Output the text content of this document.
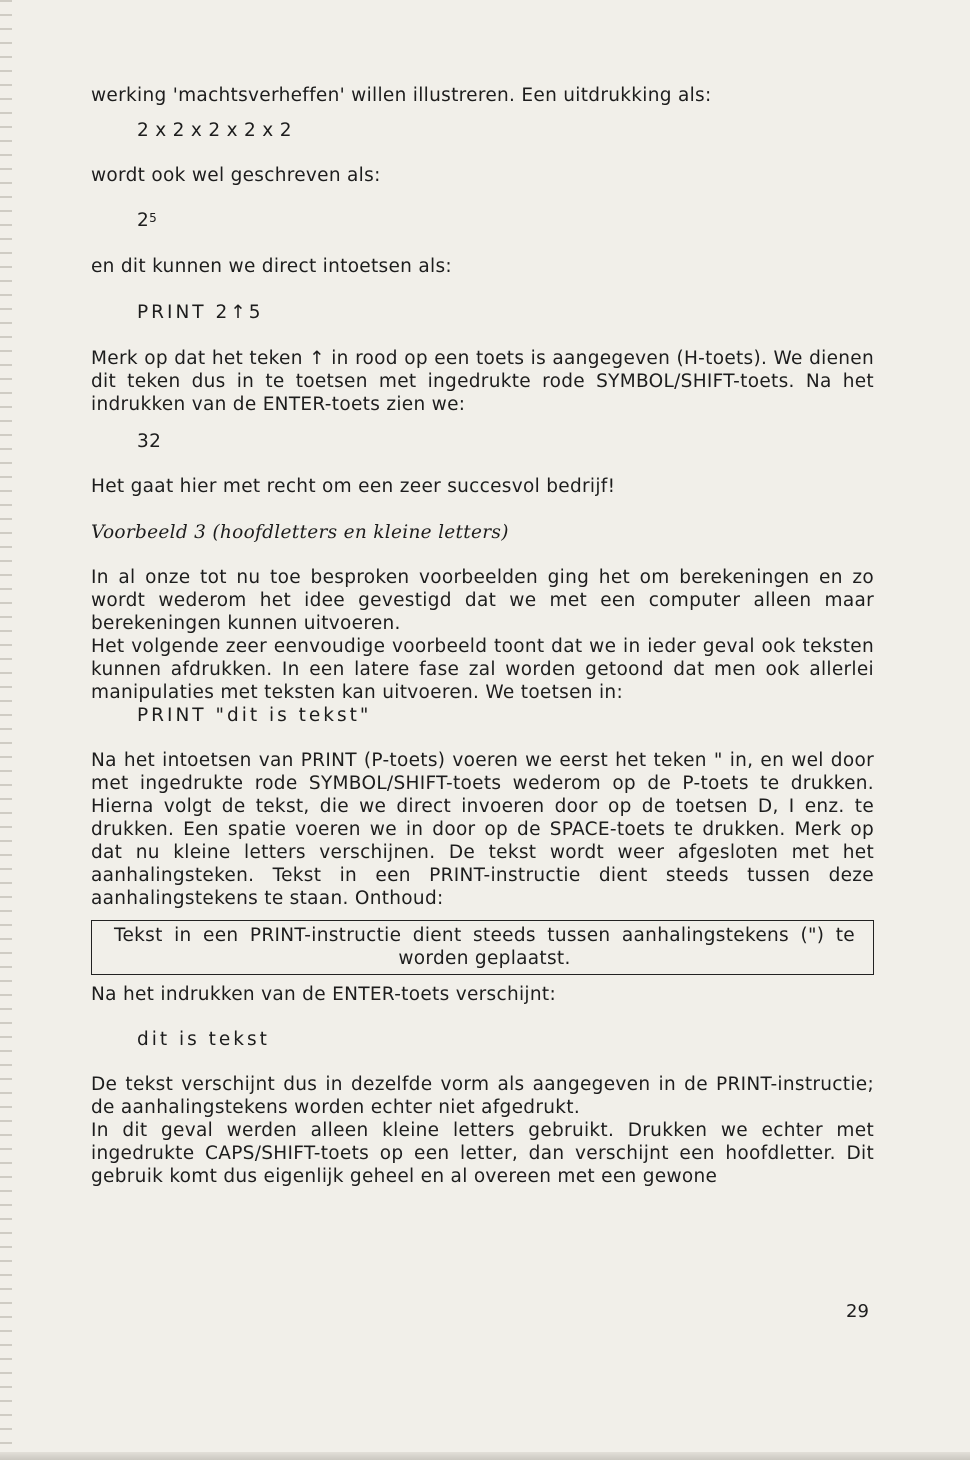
werking 'machtsverheffen' willen illustreren. Een uitdrukking als:

2 x 2 x 2 x 2 x 2

wordt ook wel geschreven als:

$2^5$

en dit kunnen we direct intoetsen als:

PRINT 2↑5

Merk op dat het teken ↑ in rood op een toets is aangegeven (H-toets). We dienen dit teken dus in te toetsen met ingedrukte rode SYMBOL/SHIFT-toets. Na het indrukken van de ENTER-toets zien we:

32

Het gaat hier met recht om een zeer succesvol bedrijf!

Voorbeeld 3 (hoofdletters en kleine letters)

In al onze tot nu toe besproken voorbeelden ging het om berekeningen en zo wordt wederom het idee gevestigd dat we met een computer alleen maar berekeningen kunnen uitvoeren.

Het volgende zeer eenvoudige voorbeeld toont dat we in ieder geval ook teksten kunnen afdrukken. In een latere fase zal worden getoond dat men ook allerlei manipulaties met teksten kan uitvoeren. We toetsen in:

PRINT "dit is tekst"

Na het intoetsen van PRINT (P-toets) voeren we eerst het teken " in, en wel door met ingedrukte rode SYMBOL/SHIFT-toets wederom op de P-toets te drukken. Hierna volgt de tekst, die we direct invoeren door op de toetsen D, I enz. te drukken. Een spatie voeren we in door op de SPACE-toets te drukken. Merk op dat nu kleine letters verschijnen. De tekst wordt weer afgesloten met het aanhalingsteken. Tekst in een PRINT-instructie dient steeds tussen deze aanhalingstekens te staan. Onthoud:

Tekst in een PRINT-instructie dient steeds tussen aanhalingstekens (") te worden geplaatst.

Na het indrukken van de ENTER-toets verschijnt:

dit is tekst

De tekst verschijnt dus in dezelfde vorm als aangegeven in de PRINT-instructie; de aanhalingstekens worden echter niet afgedrukt.

In dit geval werden alleen kleine letters gebruikt. Drukken we echter met ingedrukte CAPS/SHIFT-toets op een letter, dan verschijnt een hoofdletter. Dit gebruik komt dus eigenlijk geheel en al overeen met een gewone

29
